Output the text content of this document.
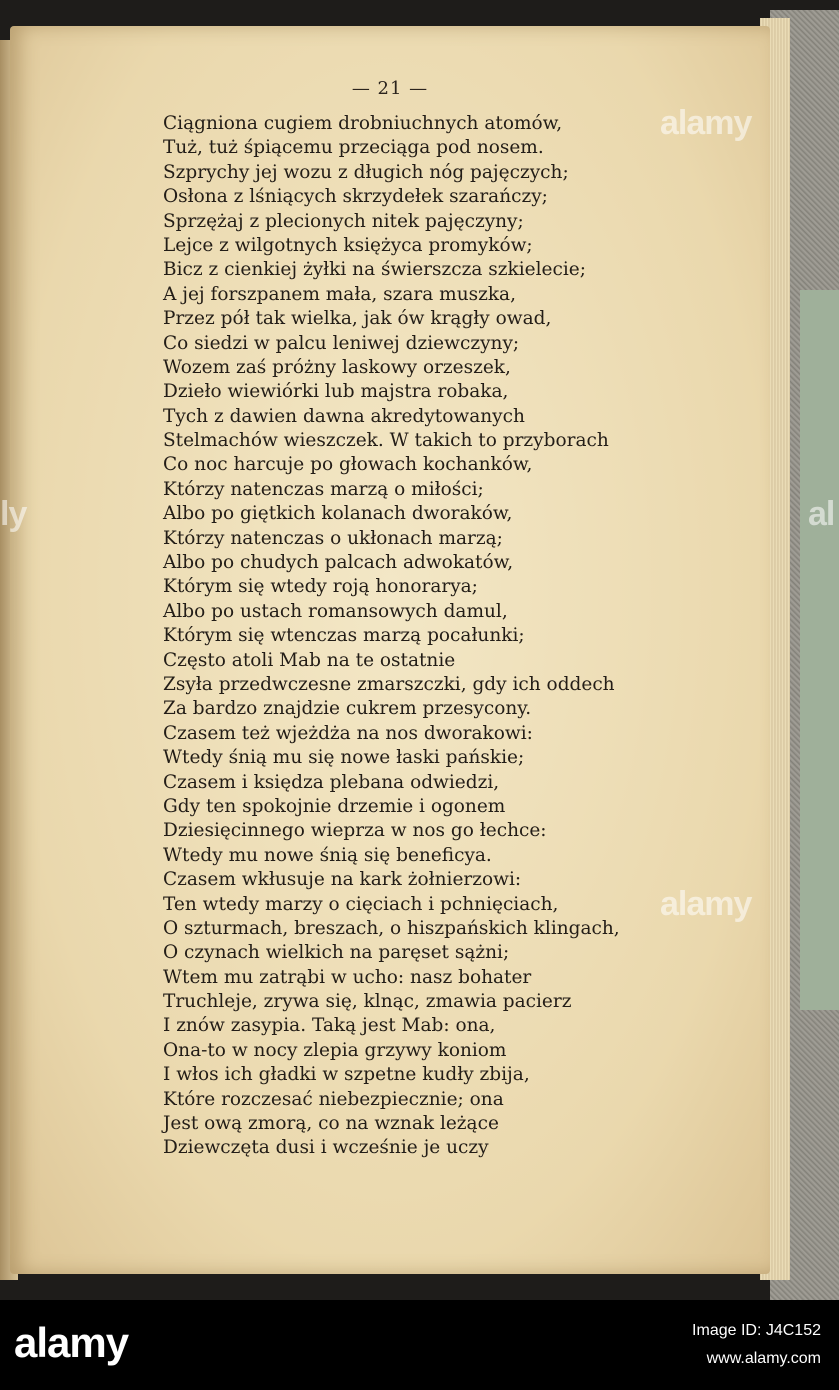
— 21 —
Ciągniona cugiem drobniuchnych atomów,
Tuż, tuż śpiącemu przeciąga pod nosem.
Szprychy jej wozu z długich nóg pajęczych;
Osłona z lśniących skrzydełek szarańczy;
Sprzężaj z plecionych nitek pajęczyny;
Lejce z wilgotnych księżyca promyków;
Bicz z cienkiej żyłki na świerszcza szkielecie;
A jej forszpanem mała, szara muszka,
Przez pół tak wielka, jak ów krągły owad,
Co siedzi w palcu leniwej dziewczyny;
Wozem zaś próżny laskowy orzeszek,
Dzieło wiewiórki lub majstra robaka,
Tych z dawien dawna akredytowanych
Stelmachów wieszczek. W takich to przyborach
Co noc harcuje po głowach kochanków,
Którzy natenczas marzą o miłości;
Albo po giętkich kolanach dworaków,
Którzy natenczas o ukłonach marzą;
Albo po chudych palcach adwokatów,
Którym się wtedy roją honorarya;
Albo po ustach romansowych damul,
Którym się wtenczas marzą pocałunki;
Często atoli Mab na te ostatnie
Zsyła przedwczesne zmarszczki, gdy ich oddech
Za bardzo znajdzie cukrem przesycony.
Czasem też wjeżdża na nos dworakowi:
Wtedy śnią mu się nowe łaski pańskie;
Czasem i księdza plebana odwiedzi,
Gdy ten spokojnie drzemie i ogonem
Dziesięcinnego wieprza w nos go łechce:
Wtedy mu nowe śnią się beneficya.
Czasem wkłusuje na kark żołnierzowi:
Ten wtedy marzy o cięciach i pchnięciach,
O szturmach, breszach, o hiszpańskich klingach,
O czynach wielkich na paręset sążni;
Wtem mu zatrąbi w ucho: nasz bohater
Truchleje, zrywa się, klnąc, zmawia pacierz
I znów zasypia. Taką jest Mab: ona,
Ona-to w nocy zlepia grzywy koniom
I włos ich gładki w szpetne kudły zbija,
Które rozczesać niebezpiecznie; ona
Jest ową zmorą, co na wznak leżące
Dziewczęta dusi i wcześnie je uczy
alamy
ly	al
alamy
alamy	Image ID: J4C152
www.alamy.com
